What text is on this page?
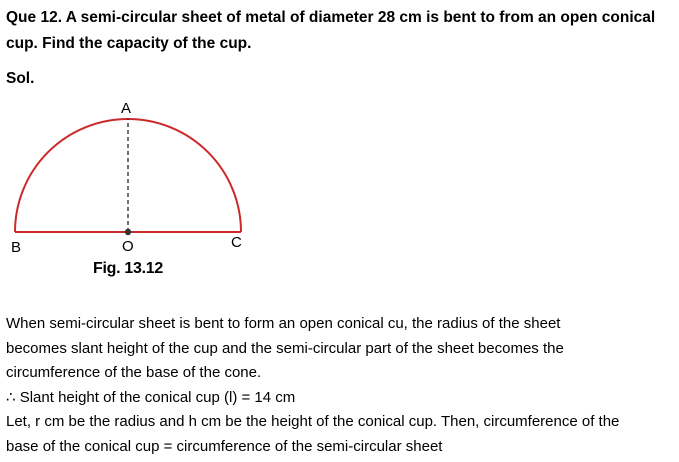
Que 12. A semi-circular sheet of metal of diameter 28 cm is bent to from an open conical
cup. Find the capacity of the cup.
Sol.
A
B	C
O
Fig. 13.12

When semi-circular sheet is bent to form an open conical cu, the radius of the sheet

becomes slant height of the cup and the semi-circular part of the sheet becomes the

circumference of the base of the cone.

∴ Slant height of the conical cup (l) = 14 cm

Let, r cm be the radius and h cm be the height of the conical cup. Then, circumference of the

base of the conical cup = circumference of the semi-circular sheet
